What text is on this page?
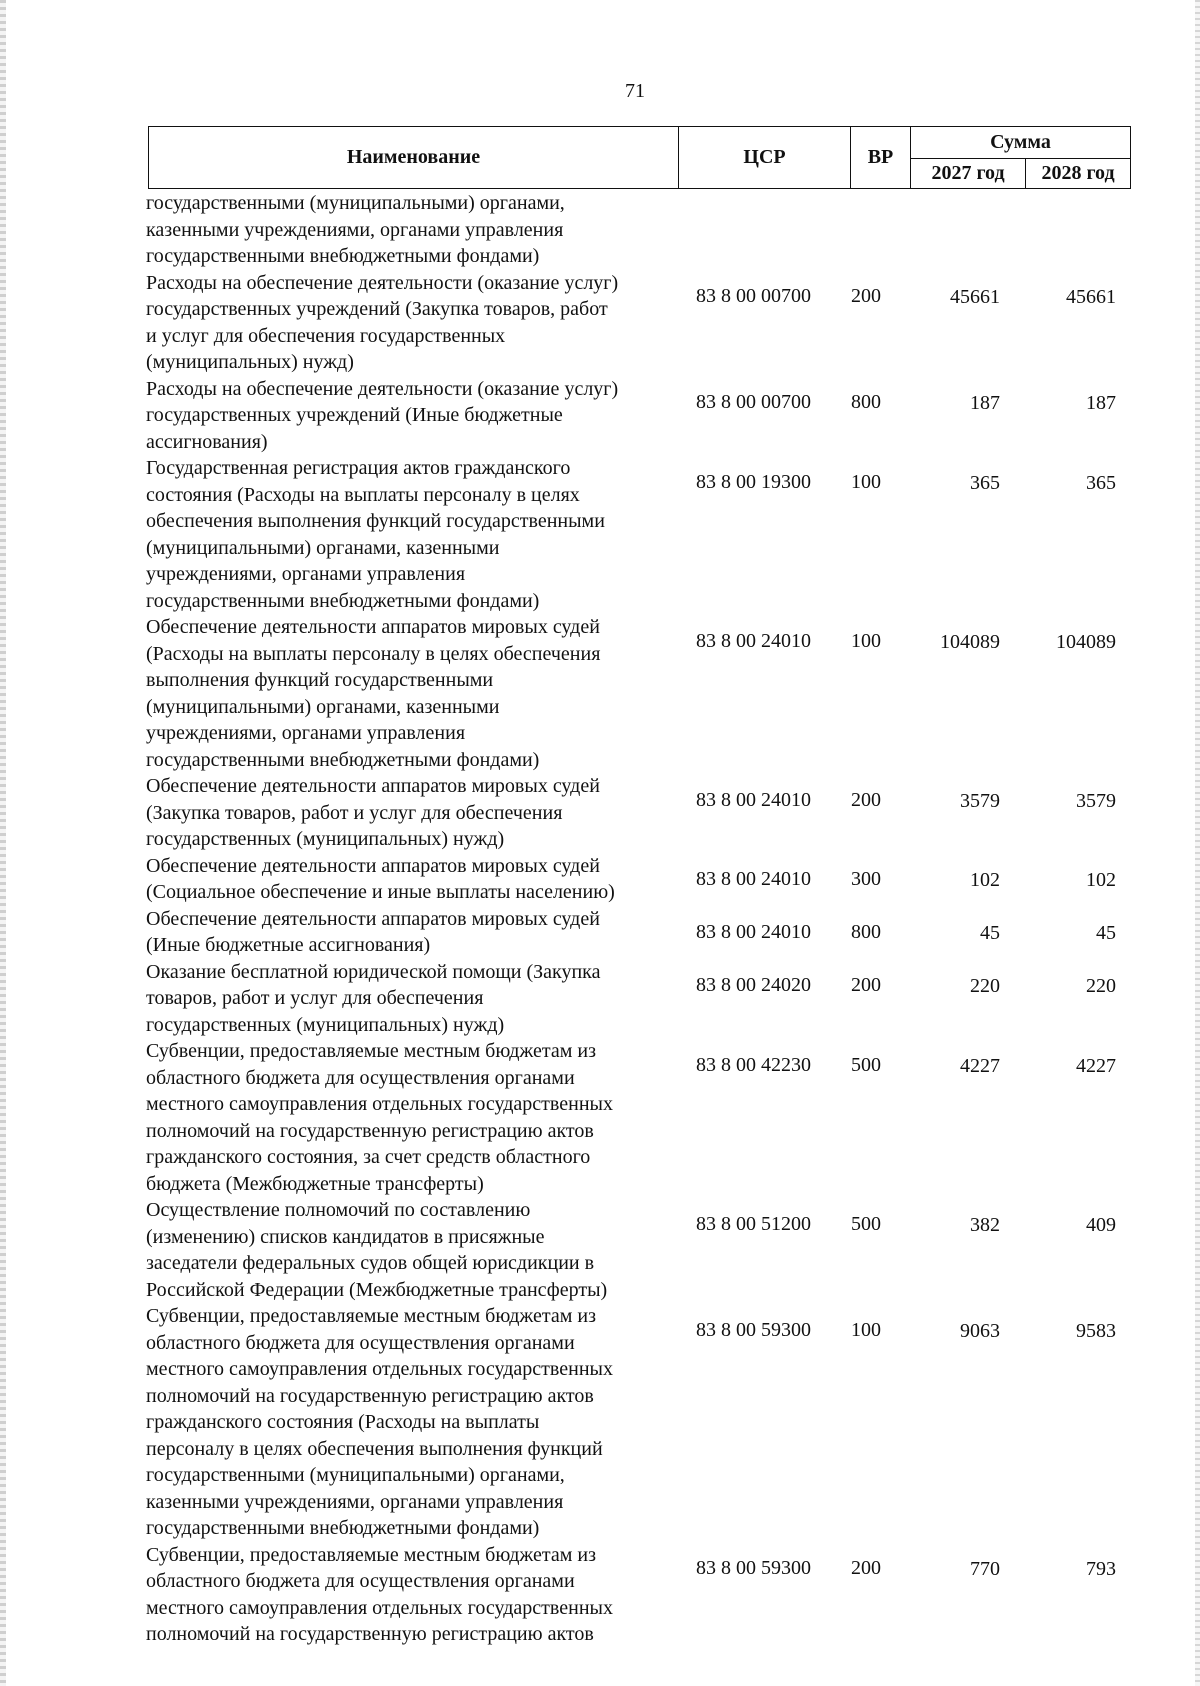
71
Наименование	ЦСР	ВР	Сумма	
			2027 год	2028 год
государственными (муниципальными) органами,
казенными учреждениями, органами управления
государственными внебюджетными фондами)
Расходы на обеспечение деятельности (оказание услуг)
государственных учреждений (Закупка товаров, работ
и услуг для обеспечения государственных
(муниципальных) нужд)
83 8 00 00700	200	45661	45661
Расходы на обеспечение деятельности (оказание услуг)
государственных учреждений (Иные бюджетные
ассигнования)
83 8 00 00700	800	187	187
Государственная регистрация актов гражданского
состояния (Расходы на выплаты персоналу в целях
обеспечения выполнения функций государственными
(муниципальными) органами, казенными
учреждениями, органами управления
государственными внебюджетными фондами)
83 8 00 19300	100	365	365
Обеспечение деятельности аппаратов мировых судей
(Расходы на выплаты персоналу в целях обеспечения
выполнения функций государственными
(муниципальными) органами, казенными
учреждениями, органами управления
государственными внебюджетными фондами)
83 8 00 24010	100	104089	104089
Обеспечение деятельности аппаратов мировых судей
(Закупка товаров, работ и услуг для обеспечения
государственных (муниципальных) нужд)
83 8 00 24010	200	3579	3579
Обеспечение деятельности аппаратов мировых судей
(Социальное обеспечение и иные выплаты населению)
83 8 00 24010	300	102	102
Обеспечение деятельности аппаратов мировых судей
(Иные бюджетные ассигнования)
83 8 00 24010	800	45	45
Оказание бесплатной юридической помощи (Закупка
товаров, работ и услуг для обеспечения
государственных (муниципальных) нужд)
83 8 00 24020	200	220	220
Субвенции, предоставляемые местным бюджетам из
областного бюджета для осуществления органами
местного самоуправления отдельных государственных
полномочий на государственную регистрацию актов
гражданского состояния, за счет средств областного
бюджета (Межбюджетные трансферты)
83 8 00 42230	500	4227	4227
Осуществление полномочий по составлению
(изменению) списков кандидатов в присяжные
заседатели федеральных судов общей юрисдикции в
Российской Федерации (Межбюджетные трансферты)
83 8 00 51200	500	382	409
Субвенции, предоставляемые местным бюджетам из
областного бюджета для осуществления органами
местного самоуправления отдельных государственных
полномочий на государственную регистрацию актов
гражданского состояния (Расходы на выплаты
персоналу в целях обеспечения выполнения функций
государственными (муниципальными) органами,
казенными учреждениями, органами управления
государственными внебюджетными фондами)
83 8 00 59300	100	9063	9583
Субвенции, предоставляемые местным бюджетам из
областного бюджета для осуществления органами
местного самоуправления отдельных государственных
полномочий на государственную регистрацию актов
83 8 00 59300	200	770	793
